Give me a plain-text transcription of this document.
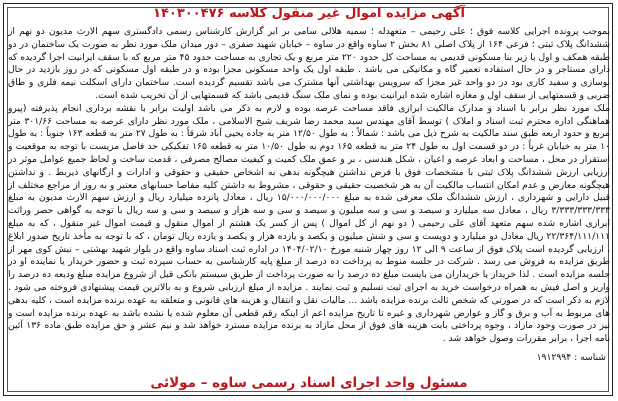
آگهی مزایده اموال غیر منقول کلاسه ۱۴۰۳۰۰۴۷۶

بموجب پرونده اجرایی کلاسه فوق ؛ علی رحیمی – متعهدله ؛ سمیه هلالی سامی بر ابر گزارش کارشناس رسمی دادگستری سهم الارث مدیون دو نهم از ششدانگ پلاک ثبتی ؛ فرعی ۱۶۴ از پلاک اصلی ۸۱ بخش ۲ ساوه واقع در ساوه – خیابان شهید صفری – دور میدان ملک مورد نظر به صورت یک ساختمان در دو طبقه همکف و اول با زیر بنا مسکونی قدیمی به مساحت کل حدود ۲۲۰ متر مربع و یک تجاری به مساحت حدود ۴۵ متر مربع که با سقف ایرانیت اجرا گردیده که دارای مستاجر و در حال استفاده تعمیر گاه و مکانیکی می باشد . طبقه اول یک واحد مسکونی مجزا بوده و در طبقه اول مسکونی که در روز بازدید در حال نوسازی و سفید کاری بود در دو واحد غیر مجزا که سرویس بهداشتی آنها مشترک می باشد تقسیم گردیده است. ساختمان دارای اسکلت نیمه فلزی و طاق ضربی و قسمتهایی از سقف اول و مغازه اشاره شده ایرانیت بوده و نمای ملک سنگ قدیمی باشد که قسمتهایی از آن تخریب شده است.

ملک مورد نظر برابر با اسناد و مدارک مالکیت ابرازی فاقد مساحت عرصه بوده و لازم به ذکر می باشد اولیت برابر با نقشه برداری انجام پذیرفته (پیرو هماهنگی اداره محترم ثبت اسناد و املاک ) توسط آقای مهندس سید محمد رضا شریف شیخ الاسلامی ، ملک مورد نظر دارای عرصه به مساحت ۳۰۱/۶۶ متر مربع و حدود اربعه طبق سند مالکیت به شرح ذیل می باشد : شمالاً : به طول ۱۲/۵۰ متر به جاده یحیی آباد شرقاً : به طول ۲۷ متر به قطعه ۱۶۳ جنوباً : به طول ۱۰ متر به خیابان غرباً : در دو قسمت اول به طول ۲۴ متر به قطعه ۱۶۵ دوم به طول ۱۰/۵۰ متر به قطعه ۱۶۵ تفکیکی حد فاصل مزیست با توجه به موقعیت و استقرار در محل ، مساحت و ابعاد عرصه و اعیان ، شکل هندسی ، بر و عمق ملک کمیت و کیفیت مصالح مصرفی ، قدمت ساخت و لحاظ جمیع عوامل موثر در ارزیابی ارزش ششدانگ پلاک ثبتی با مشخصات فوق با فرض نداشتن هیچگونه بدهی به اشخاص حقیقی و حقوقی و ادارات و ارگانهای ذیربط . و نداشتن هیچگونه معارض و عدم امکان انتساب مالکیت آن به هر شخصیت حقیقی و حقوقی ، مشروط به داشتن کلیه مفاصا حسابهای معتبر و به روز از مراجع مختلف از قبیل دارایی و شهرداری ، ارزش ششدانگ ملک معرفی شده به مبلغ ۱۵/۰۰۰/۰۰۰/۰۰۰ ریال ، معادل پانزده میلیارد ریال و ارزش سهم الارث مدیون به مبلغ ۳/۳۳۳/۳۳۳/۳۳۳ ریال ، معادل سه میلیارد و سیصد و سی و سه میلیون و سیصد و سی و سه هزار و سیصد و سی و سه ریال با توجه به گواهی حصر وراثت ابرازی اشاره شده سهم متعهد آقای علی رحیمی ( دو نهم از کل اموال ) پس از کسر یک هشتم از اموال منقول و قیمت اموال غیر منقول ، که به مبلغ ۲۲/۳۶۴/۱۱۱/۱۱۱ ریال معادل دو میلیارد و دویست و سی و شش میلیون و یکصد و یازده هزار و یکصد و یازده ریال تومان ، که با توجه به مأخذ تاریخ صدور ابلاغ ، ارزیابی گردیده است پلاک فوق از ساعت ۹ الی ۱۲ روز چهار شنبه مورخ ۱۴۰۴/۰۲/۱۰ در اداره ثبت اسناد ساوه واقع در بلوار شهید بهشتی – نبش کوی مهر از طریق مزایده به فروش می رسد . شرکت در جلسه منوط به پرداخت ده درصد از مبلغ پایه کارشناسی به حساب سپرده ثبت و حضور خریدار یا نماینده او در جلسه مزایده است . لذا خریدار یا خریداران می بایست مبلغ ده درصد را به صورت پرداخت از طریق سیستم بانکی قبل از شروع مزایده مبلغ ودیعه ده درصد را واریز و اصل فیش به همراه درخواست خرید به اجرای ثبت تسلیم و ثبت نمایند . مزایده از مبلغ ارزیابی شروع و به بالاترین قیمت پیشنهادی فروخته می شود . لازم به ذکر است که در صورتی که شخص ثالث برنده مزایده باشد ... مالیات نقل و انتقال و هزینه های قانونی و متعلقه به عهده برنده مزایده است ، کلیه بدهی های مربوط به آب و برق و گاز و عوارض شهرداری و غیره تا تاریخ مزایده اعم از اینکه رقم قطعی آن معلوم شده یا نشده باشد به عهده برنده مزایده است و نیز در صورت وجود مازاد ، وجوه پرداختی بابت هزینه های فوق از محل مازاد به برنده مزایده مسترد خواهد شد و نیم عشر و حق مزایده طبق ماده ۱۳۶ آئین نامه اجرا ، برابر مقررات وصول خواهد شد .

شناسه : ۱۹۱۲۹۹۴
مسئول واحد اجرای اسناد رسمی ساوه – مولائی
